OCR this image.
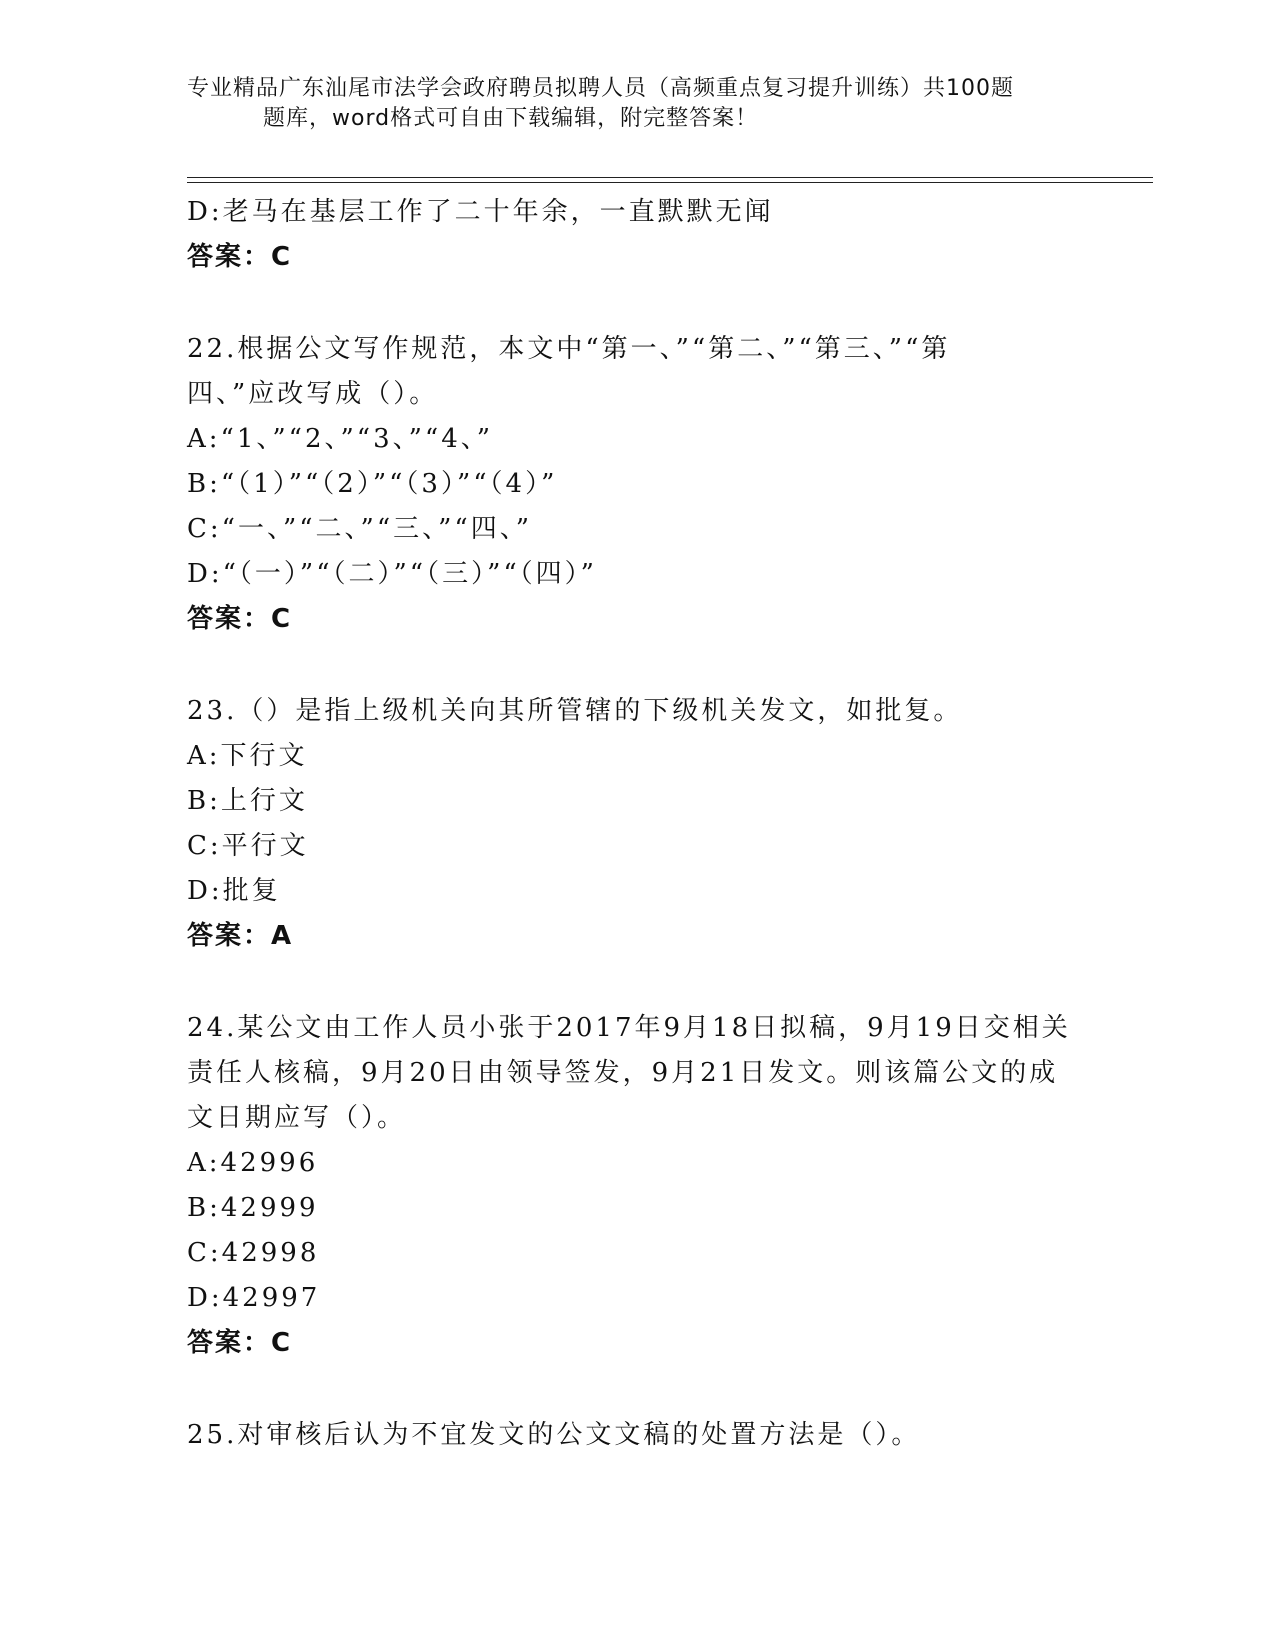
专业精品广东汕尾市法学会政府聘员拟聘人员（高频重点复习提升训练）共100题
题库，word格式可自由下载编辑，附完整答案！
D:老马在基层工作了二十年余，一直默默无闻
答案：C
22.根据公文写作规范，本文中“第一、”“第二、”“第三、”“第
四、”应改写成（）。
A:“1、”“2、”“3、”“4、”
B:“（1）”“（2）”“（3）”“（4）”
C:“一、”“二、”“三、”“四、”
D:“（一）”“（二）”“（三）”“（四）”
答案：C
23.（）是指上级机关向其所管辖的下级机关发文，如批复。
A:下行文
B:上行文
C:平行文
D:批复
答案：A
24.某公文由工作人员小张于2017年9月18日拟稿，9月19日交相关
责任人核稿，9月20日由领导签发，9月21日发文。则该篇公文的成
文日期应写（）。
A:42996
B:42999
C:42998
D:42997
答案：C
25.对审核后认为不宜发文的公文文稿的处置方法是（）。
